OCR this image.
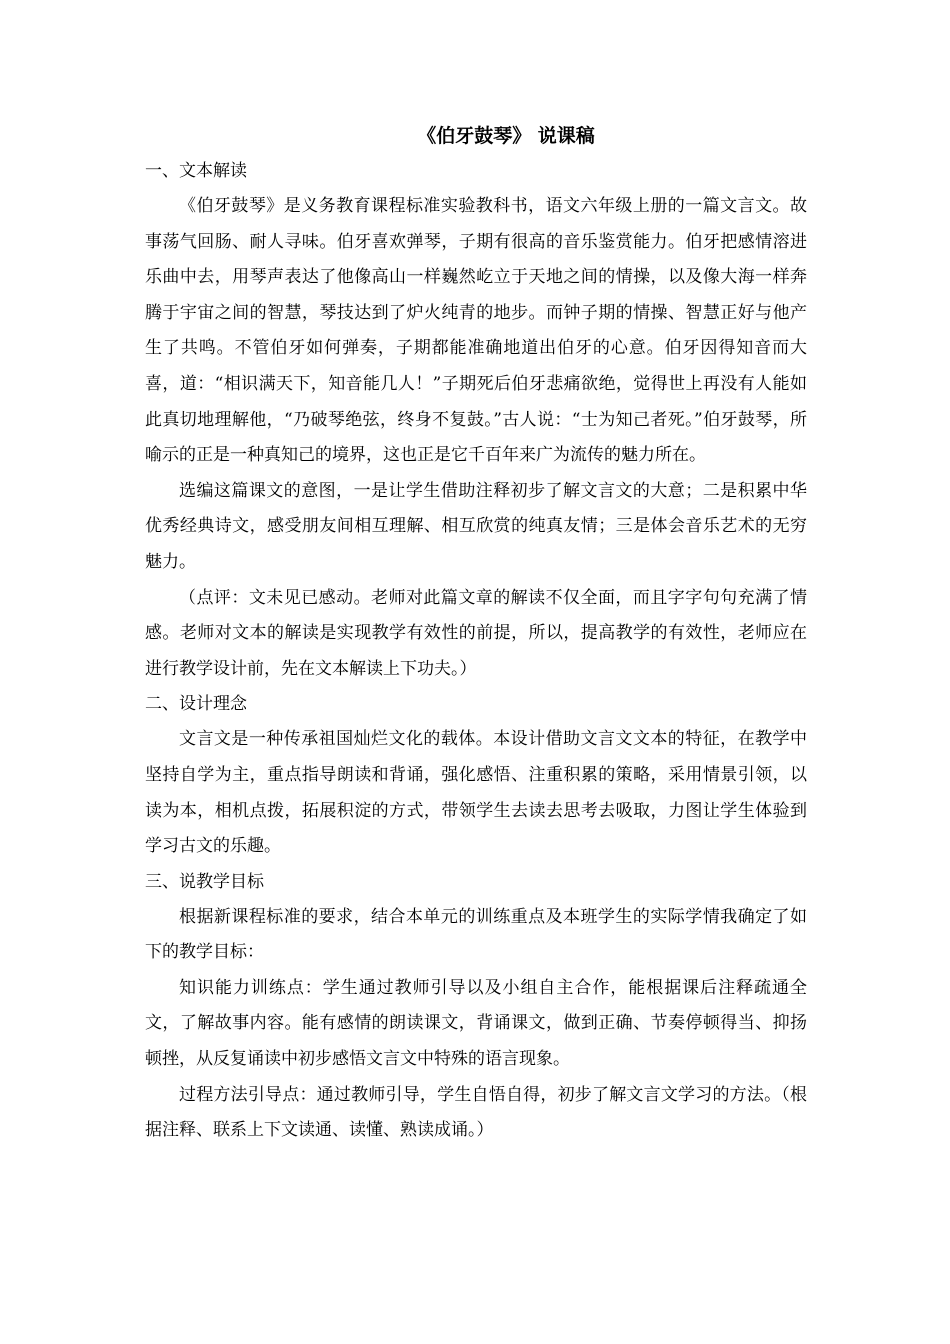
《伯牙鼓琴》 说课稿

一、文本解读

《伯牙鼓琴》是义务教育课程标准实验教科书，语文六年级上册的一篇文言文。故事荡气回肠、耐人寻味。伯牙喜欢弹琴，子期有很高的音乐鉴赏能力。伯牙把感情溶进乐曲中去，用琴声表达了他像高山一样巍然屹立于天地之间的情操，以及像大海一样奔腾于宇宙之间的智慧，琴技达到了炉火纯青的地步。而钟子期的情操、智慧正好与他产生了共鸣。不管伯牙如何弹奏，子期都能准确地道出伯牙的心意。伯牙因得知音而大喜，道：“相识满天下，知音能几人！”子期死后伯牙悲痛欲绝，觉得世上再没有人能如此真切地理解他，“乃破琴绝弦，终身不复鼓。”古人说：“士为知己者死。”伯牙鼓琴，所喻示的正是一种真知己的境界，这也正是它千百年来广为流传的魅力所在。

选编这篇课文的意图，一是让学生借助注释初步了解文言文的大意；二是积累中华优秀经典诗文，感受朋友间相互理解、相互欣赏的纯真友情；三是体会音乐艺术的无穷魅力。

（点评：文未见已感动。老师对此篇文章的解读不仅全面，而且字字句句充满了情感。老师对文本的解读是实现教学有效性的前提，所以，提高教学的有效性，老师应在进行教学设计前，先在文本解读上下功夫。）

二、设计理念

文言文是一种传承祖国灿烂文化的载体。本设计借助文言文文本的特征，在教学中坚持自学为主，重点指导朗读和背诵，强化感悟、注重积累的策略，采用情景引领，以读为本，相机点拨，拓展积淀的方式，带领学生去读去思考去吸取，力图让学生体验到学习古文的乐趣。

三、说教学目标

根据新课程标准的要求，结合本单元的训练重点及本班学生的实际学情我确定了如下的教学目标：

知识能力训练点：学生通过教师引导以及小组自主合作，能根据课后注释疏通全文，了解故事内容。能有感情的朗读课文，背诵课文，做到正确、节奏停顿得当、抑扬顿挫，从反复诵读中初步感悟文言文中特殊的语言现象。

过程方法引导点：通过教师引导，学生自悟自得，初步了解文言文学习的方法。（根据注释、联系上下文读通、读懂、熟读成诵。）
